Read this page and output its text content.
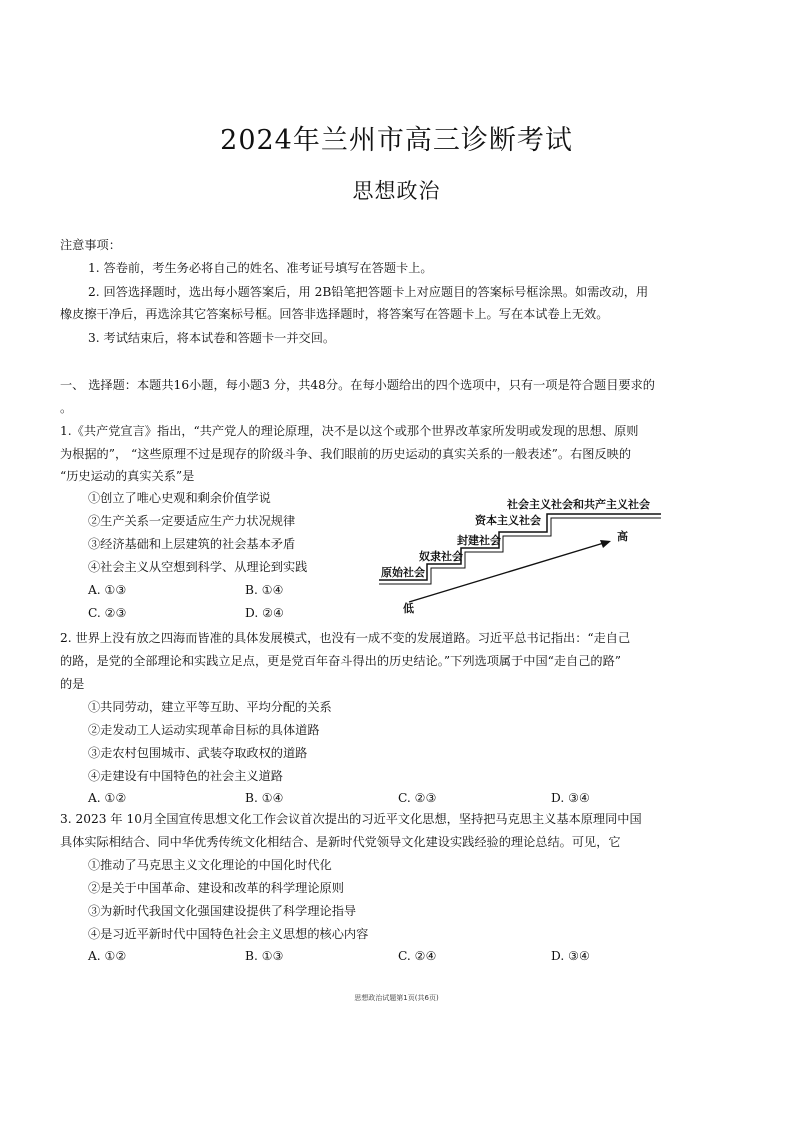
2024年兰州市高三诊断考试
思想政治
注意事项：
1. 答卷前，考生务必将自己的姓名、准考证号填写在答题卡上。
2. 回答选择题时，选出每小题答案后，用 2B铅笔把答题卡上对应题目的答案标号框涂黑。如需改动，用
橡皮擦干净后，再选涂其它答案标号框。回答非选择题时，将答案写在答题卡上。写在本试卷上无效。
3. 考试结束后，将本试卷和答题卡一并交回。
一、 选择题：本题共16小题，每小题3 分，共48分。在每小题给出的四个选项中，只有一项是符合题目要求的
。
1.《共产党宣言》指出，“共产党人的理论原理，决不是以这个或那个世界改革家所发明或发现的思想、原则
为根据的”， “这些原理不过是现存的阶级斗争、我们眼前的历史运动的真实关系的一般表述”。右图反映的
“历史运动的真实关系”是
①创立了唯心史观和剩余价值学说
②生产关系一定要适应生产力状况规律
③经济基础和上层建筑的社会基本矛盾
④社会主义从空想到科学、从理论到实践
A. ①③	B. ①④
C. ②③	D. ②④
原始社会
奴隶社会
封建社会
资本主义社会
社会主义社会和共产主义社会
高
低
2. 世界上没有放之四海而皆准的具体发展模式，也没有一成不变的发展道路。习近平总书记指出：“走自己
的路，是党的全部理论和实践立足点，更是党百年奋斗得出的历史结论。”下列选项属于中国“走自己的路”
的是
①共同劳动，建立平等互助、平均分配的关系
②走发动工人运动实现革命目标的具体道路
③走农村包围城市、武装夺取政权的道路
④走建设有中国特色的社会主义道路
A. ①②	B. ①④	C. ②③	D. ③④
3. 2023 年 10月全国宣传思想文化工作会议首次提出的习近平文化思想，坚持把马克思主义基本原理同中国
具体实际相结合、同中华优秀传统文化相结合、是新时代党领导文化建设实践经验的理论总结。可见，它
①推动了马克思主义文化理论的中国化时代化
②是关于中国革命、建设和改革的科学理论原则
③为新时代我国文化强国建设提供了科学理论指导
④是习近平新时代中国特色社会主义思想的核心内容
A. ①②	B. ①③	C. ②④	D. ③④
思想政治试题第1页(共6页)
